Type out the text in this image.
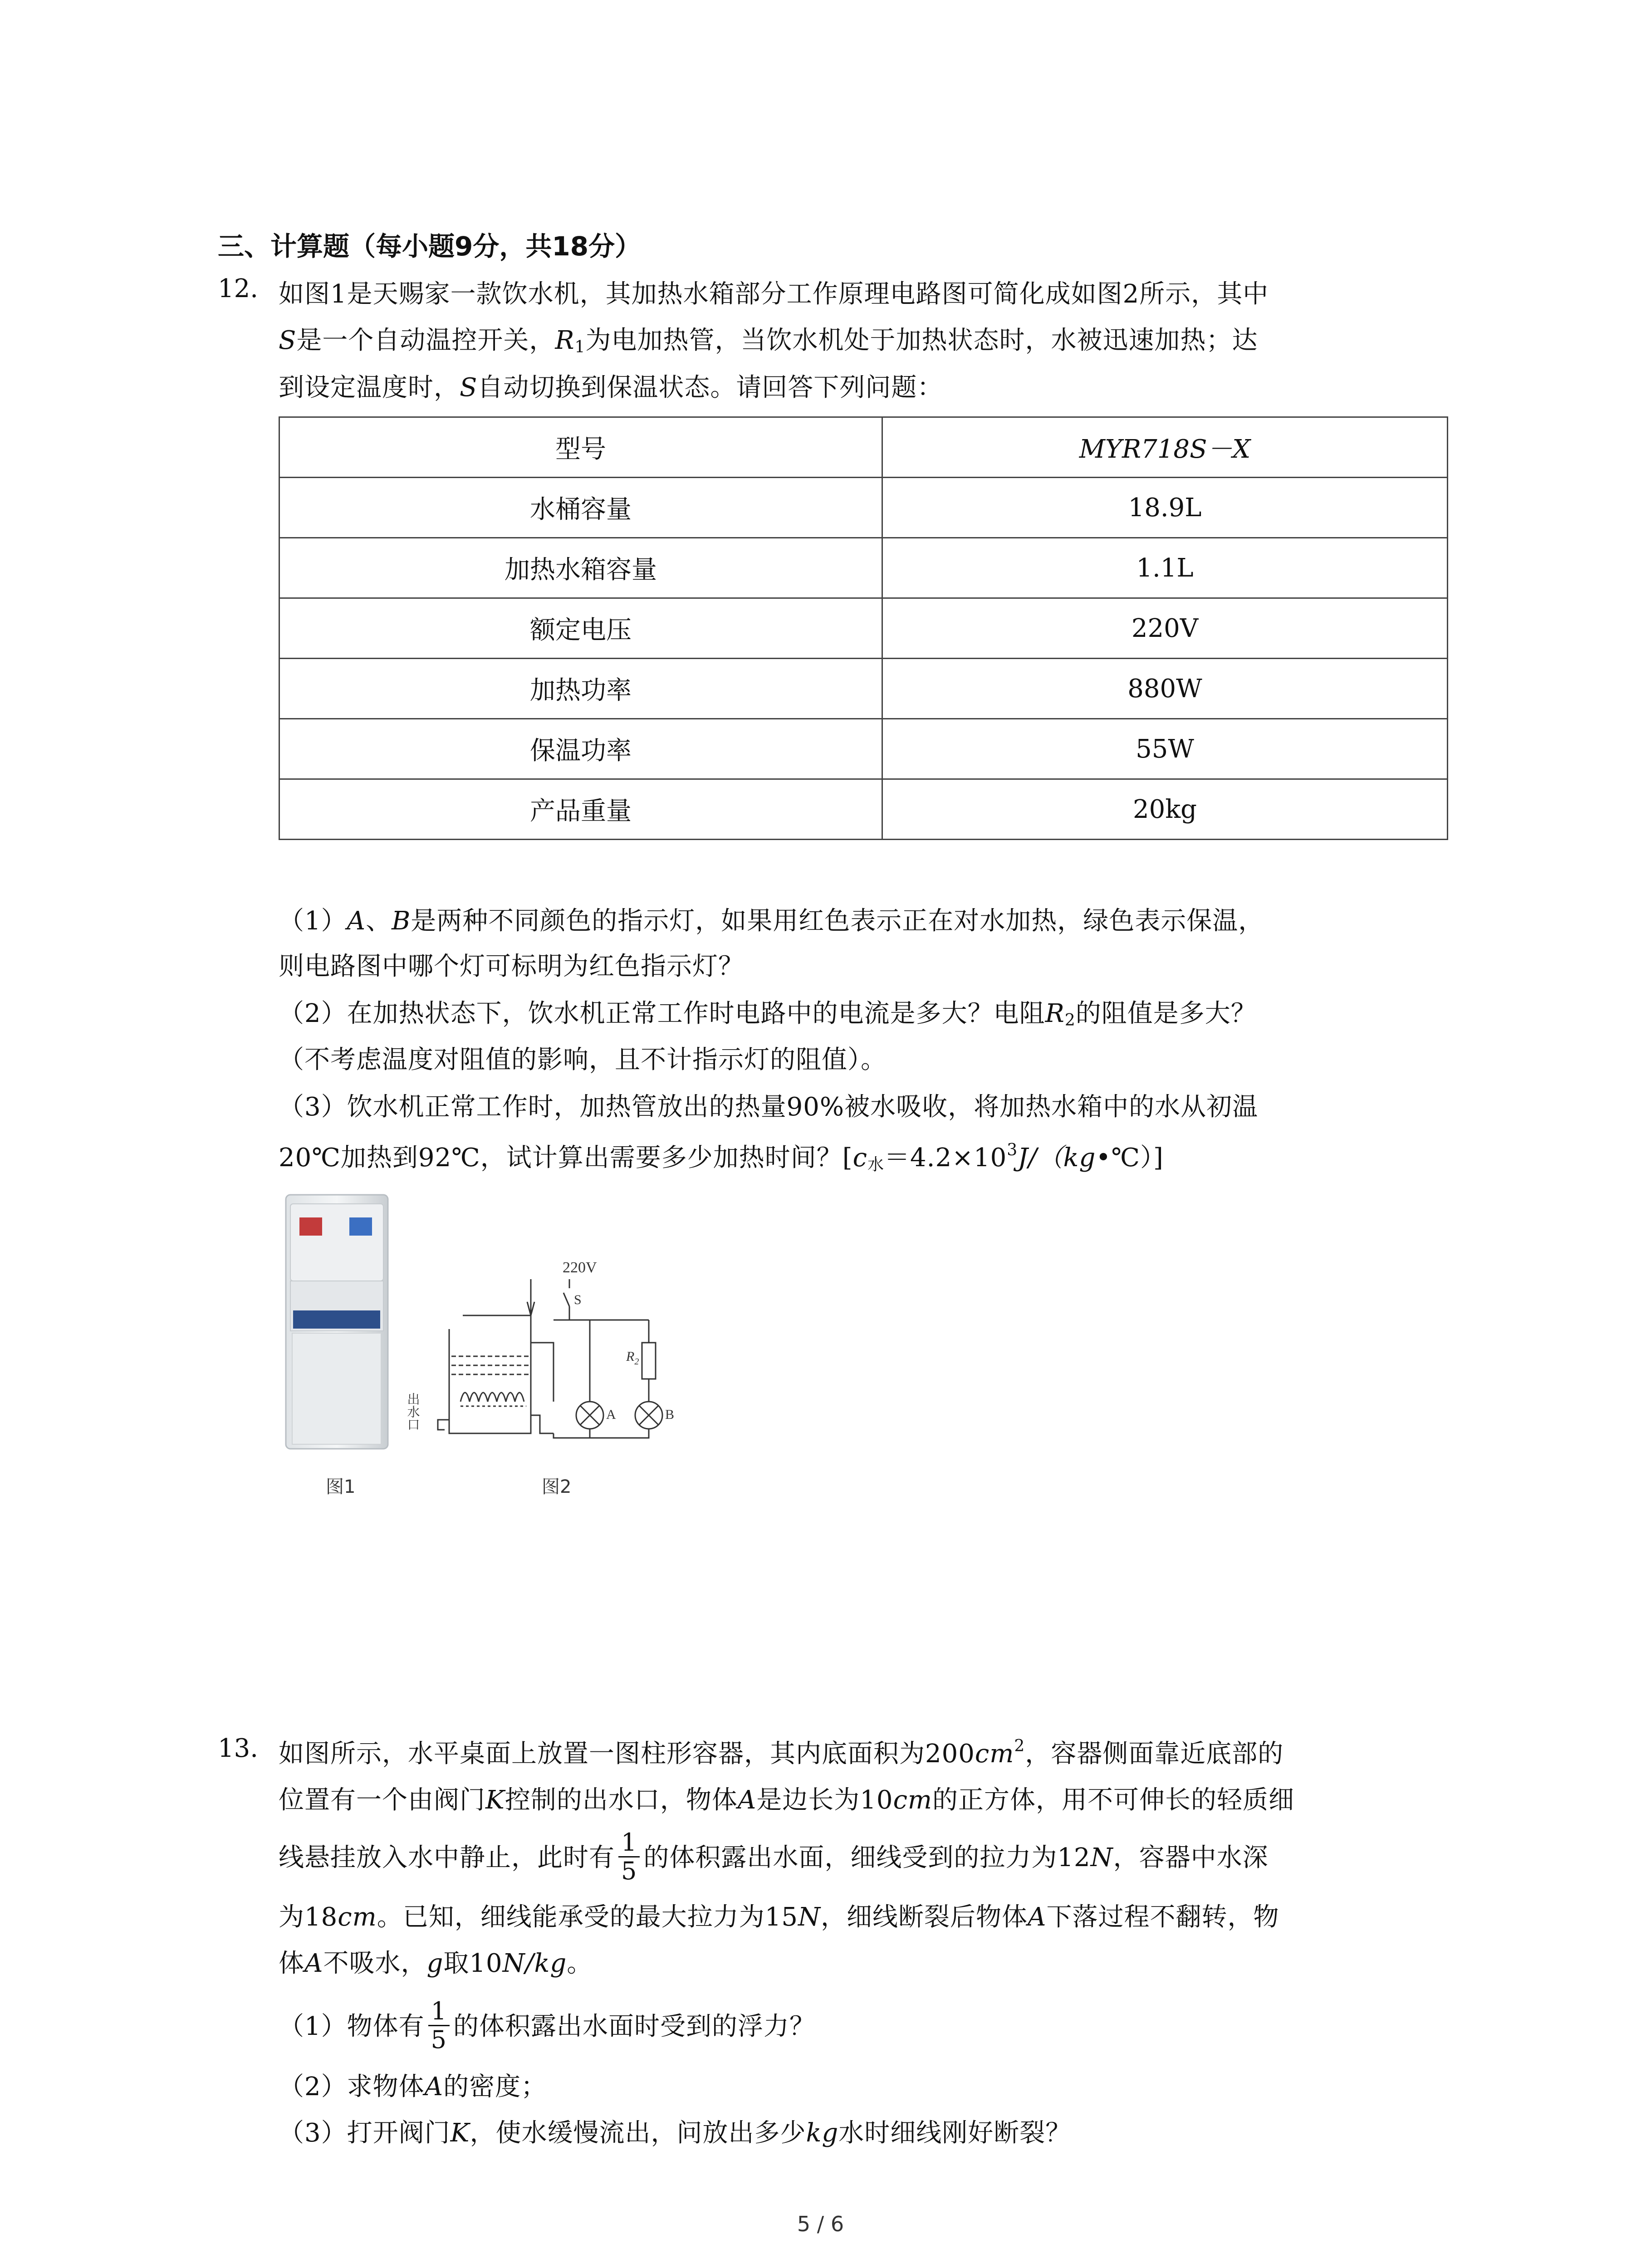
三、计算题（每小题9分，共18分）
12. 如图1是天赐家一款饮水机，其加热水箱部分工作原理电路图可简化成如图2所示，其中
S是一个自动温控开关，$R_1$为电加热管，当饮水机处于加热状态时，水被迅速加热；达
到设定温度时，S自动切换到保温状态。请回答下列问题：
型号	MYR718S－X
水桶容量	18.9L
加热水箱容量	1.1L
额定电压	220V
加热功率	880W
保温功率	55W
产品重量	20kg
（1）A、B是两种不同颜色的指示灯，如果用红色表示正在对水加热，绿色表示保温，
则电路图中哪个灯可标明为红色指示灯？
（2）在加热状态下，饮水机正常工作时电路中的电流是多大？电阻$R_2$的阻值是多大？
（不考虑温度对阻值的影响，且不计指示灯的阻值）。
（3）饮水机正常工作时，加热管放出的热量90%被水吸收，将加热水箱中的水从初温
20℃加热到92℃，试计算出需要多少加热时间？$[c_水=4.2\times 10^3J/(kg•℃)]$
图1
220V
S
$R_2$
A	B
出水口
图2
13. 如图所示，水平桌面上放置一图柱形容器，其内底面积为$200cm^2$，容器侧面靠近底部的
位置有一个由阀门K控制的出水口，物体A是边长为10cm的正方体，用不可伸长的轻质细
线悬挂放入水中静止，此时有 $\frac{1}{5}$ 的体积露出水面，细线受到的拉力为12N，容器中水深
为18cm。已知，细线能承受的最大拉力为15N，细线断裂后物体A下落过程不翻转，物
体A不吸水，g取10N/kg。
（1）物体有 $\frac{1}{5}$ 的体积露出水面时受到的浮力？
（2）求物体A的密度；
（3）打开阀门K，使水缓慢流出，问放出多少kg水时细线刚好断裂？
5 / 6
